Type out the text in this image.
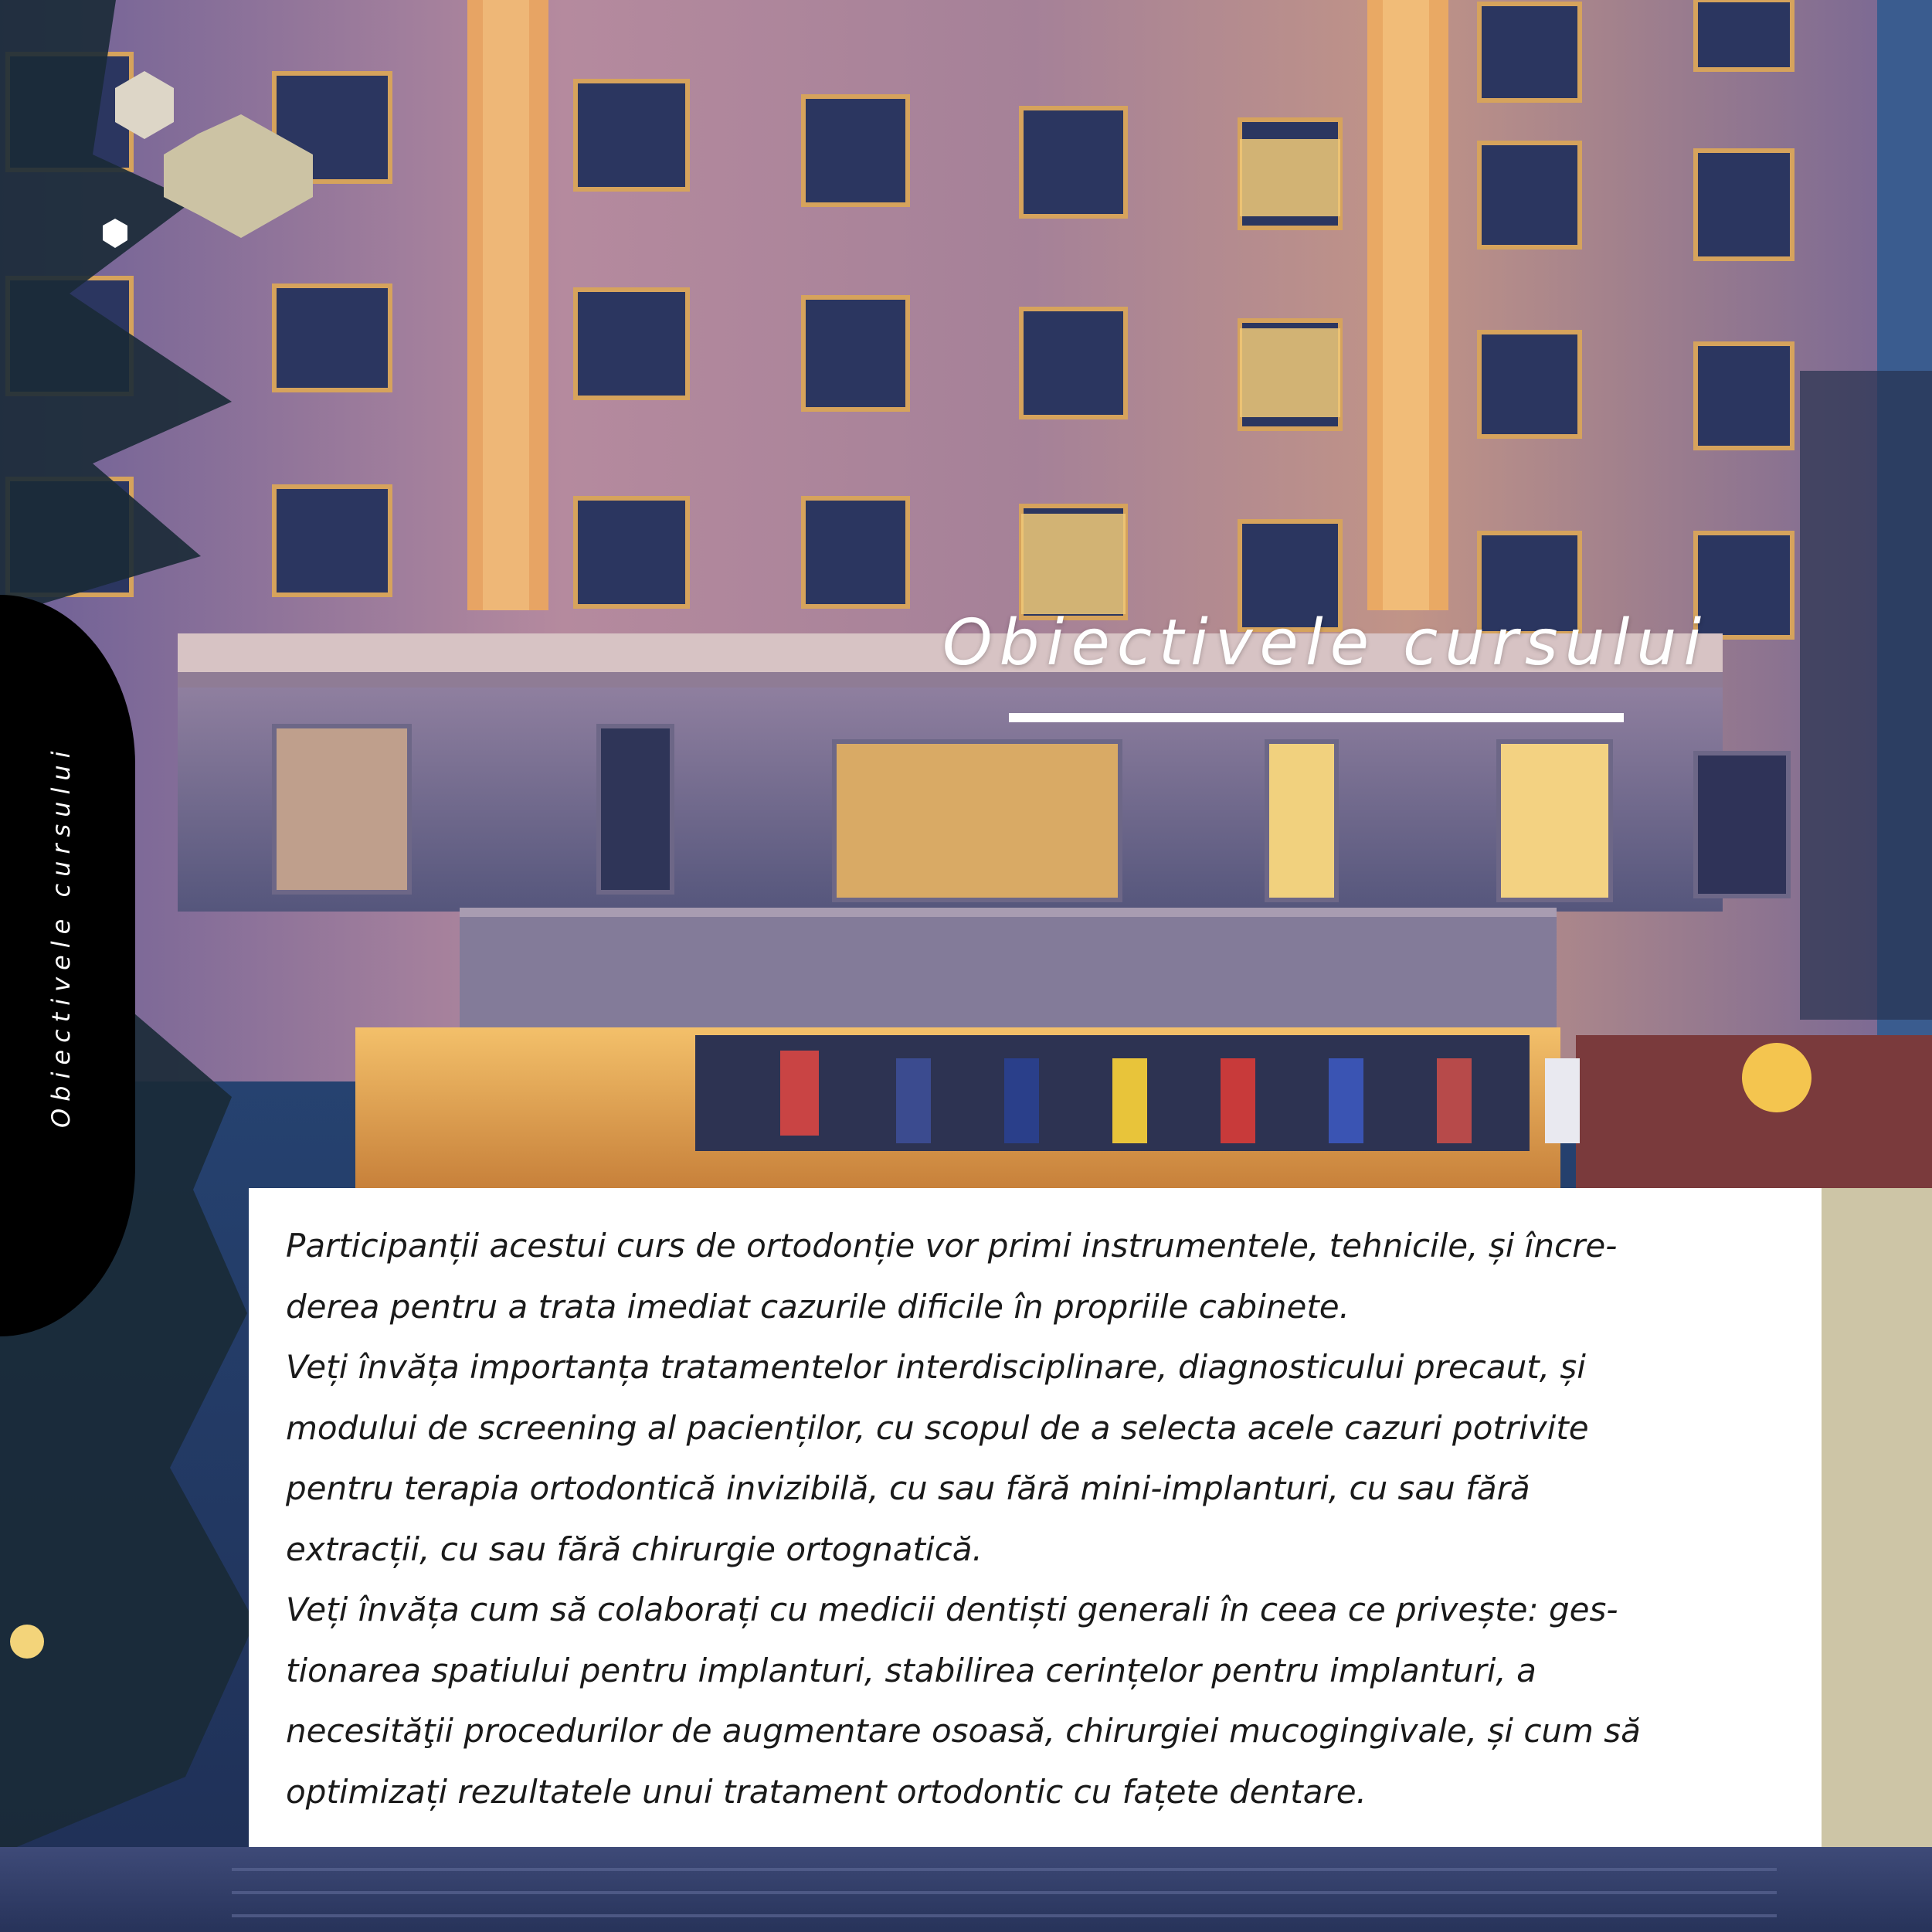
Obiectivele cursului
Obiectivele cursului

Participanții acestui curs de ortodonție vor primi instrumentele, tehnicile, și încre-
derea pentru a trata imediat cazurile dificile în propriile cabinete.
Veți învăța importanța tratamentelor interdisciplinare, diagnosticului precaut, și
modului de screening al pacienților, cu scopul de a selecta acele cazuri potrivite
pentru terapia ortodontică invizibilă, cu sau fără mini-implanturi, cu sau fără
extracții, cu sau fără chirurgie ortognatică.
Veți învăța cum să colaborați cu medicii dentiști generali în ceea ce privește: ges-
tionarea spatiului pentru implanturi, stabilirea cerințelor pentru implanturi, a
necesităţii procedurilor de augmentare osoasă, chirurgiei mucogingivale, și cum să
optimizați rezultatele unui tratament ortodontic cu fațete dentare.
